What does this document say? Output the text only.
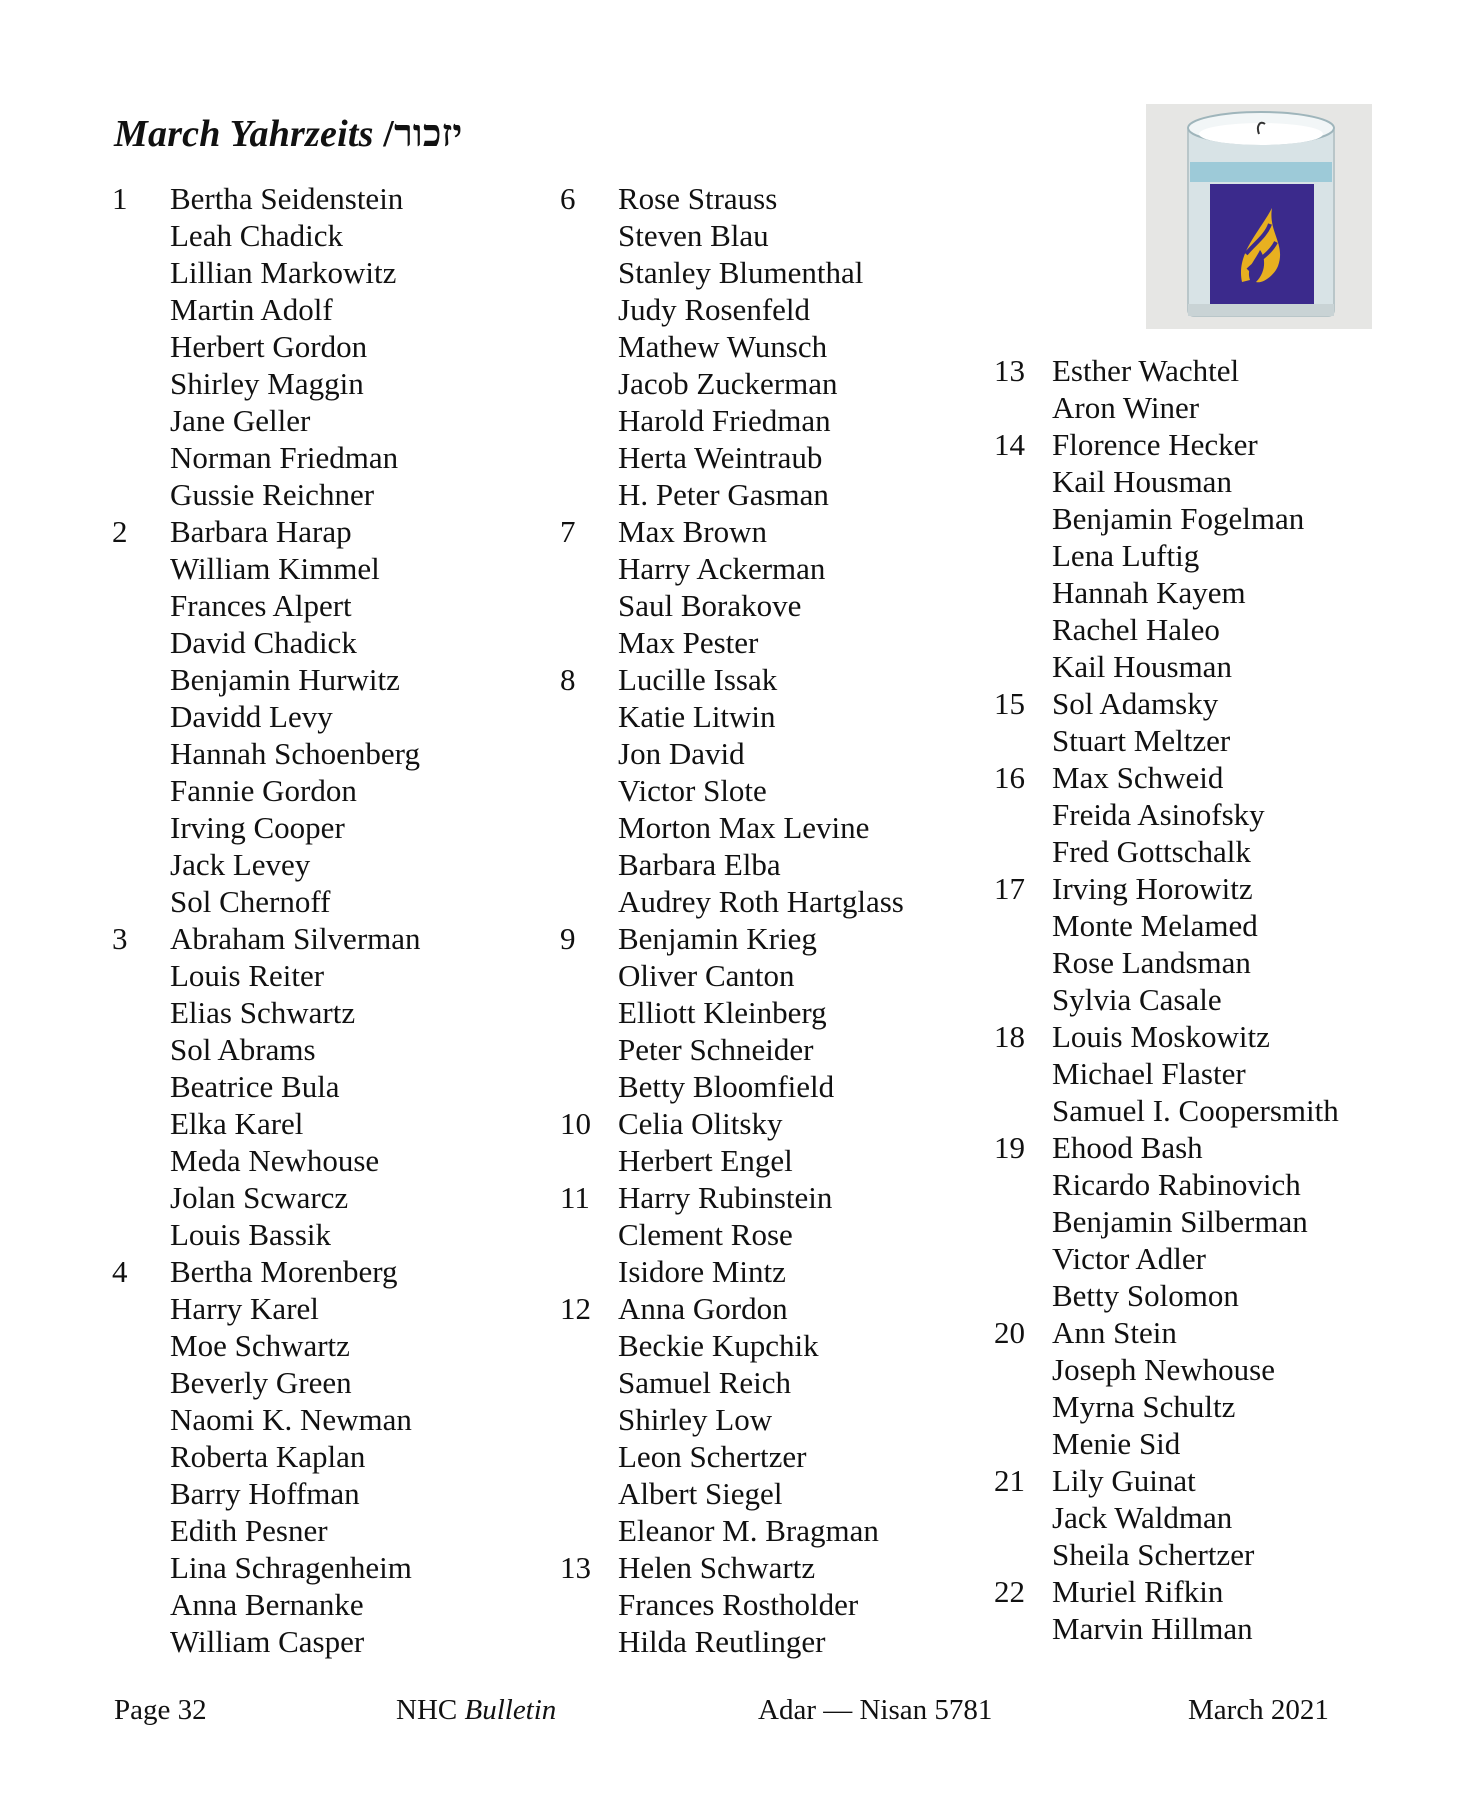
March Yahrzeits /יזכור
1	Bertha Seidenstein
Leah Chadick
Lillian Markowitz
Martin Adolf
Herbert Gordon
Shirley Maggin
Jane Geller
Norman Friedman
Gussie Reichner
2	Barbara Harap
William Kimmel
Frances Alpert
David Chadick
Benjamin Hurwitz
Davidd Levy
Hannah Schoenberg
Fannie Gordon
Irving Cooper
Jack Levey
Sol Chernoff
3	Abraham Silverman
Louis Reiter
Elias Schwartz
Sol Abrams
Beatrice Bula
Elka Karel
Meda Newhouse
Jolan Scwarcz
Louis Bassik
4	Bertha Morenberg
Harry Karel
Moe Schwartz
Beverly Green
Naomi K. Newman
Roberta Kaplan
Barry Hoffman
Edith Pesner
Lina Schragenheim
Anna Bernanke
William Casper
6	Rose Strauss
Steven Blau
Stanley Blumenthal
Judy Rosenfeld
Mathew Wunsch
Jacob Zuckerman
Harold Friedman
Herta Weintraub
H. Peter Gasman
7	Max Brown
Harry Ackerman
Saul Borakove
Max Pester
8	Lucille Issak
Katie Litwin
Jon David
Victor Slote
Morton Max Levine
Barbara Elba
Audrey Roth Hartglass
9	Benjamin Krieg
Oliver Canton
Elliott Kleinberg
Peter Schneider
Betty Bloomfield
10 Celia Olitsky
Herbert Engel
11 Harry Rubinstein
Clement Rose
Isidore Mintz
12 Anna Gordon
Beckie Kupchik
Samuel Reich
Shirley Low
Leon Schertzer
Albert Siegel
Eleanor M. Bragman
13 Helen Schwartz
Frances Rostholder
Hilda Reutlinger
13 Esther Wachtel
Aron Winer
14 Florence Hecker
Kail Housman
Benjamin Fogelman
Lena Luftig
Hannah Kayem
Rachel Haleo
Kail Housman
15 Sol Adamsky
Stuart Meltzer
16 Max Schweid
Freida Asinofsky
Fred Gottschalk
17 Irving Horowitz
Monte Melamed
Rose Landsman
Sylvia Casale
18 Louis Moskowitz
Michael Flaster
Samuel I. Coopersmith
19 Ehood Bash
Ricardo Rabinovich
Benjamin Silberman
Victor Adler
Betty Solomon
20 Ann Stein
Joseph Newhouse
Myrna Schultz
Menie Sid
21 Lily Guinat
Jack Waldman
Sheila Schertzer
22 Muriel Rifkin
Marvin Hillman
Page 32	NHC Bulletin	Adar — Nisan 5781	March 2021
